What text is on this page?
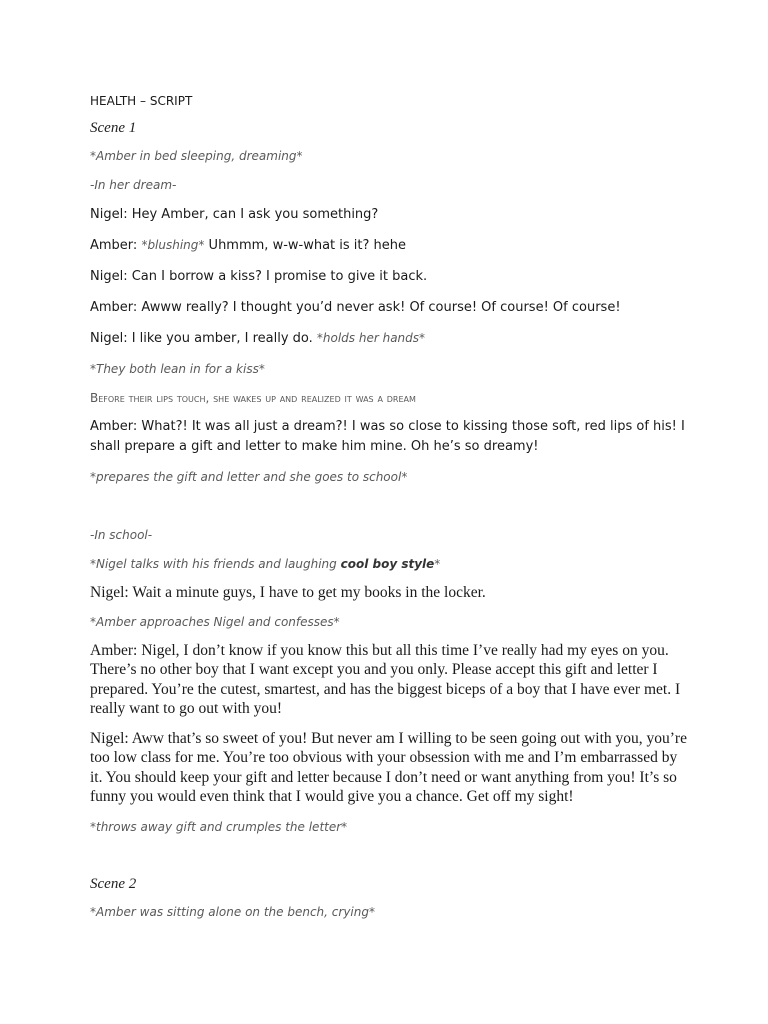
HEALTH – SCRIPT

Scene 1

*Amber in bed sleeping, dreaming*

-In her dream-

Nigel: Hey Amber, can I ask you something?

Amber: *blushing* Uhmmm, w-w-what is it? hehe

Nigel: Can I borrow a kiss? I promise to give it back.

Amber: Awww really? I thought you’d never ask! Of course! Of course! Of course!

Nigel: I like you amber, I really do. *holds her hands*

*They both lean in for a kiss*

Before their lips touch, she wakes up and realized it was a dream

Amber: What?! It was all just a dream?! I was so close to kissing those soft, red lips of his! I shall prepare a gift and letter to make him mine. Oh he’s so dreamy!

*prepares the gift and letter and she goes to school*

-In school-

*Nigel talks with his friends and laughing cool boy style*

Nigel: Wait a minute guys, I have to get my books in the locker.

*Amber approaches Nigel and confesses*

Amber: Nigel, I don’t know if you know this but all this time I’ve really had my eyes on you. There’s no other boy that I want except you and you only. Please accept this gift and letter I prepared. You’re the cutest, smartest, and has the biggest biceps of a boy that I have ever met. I really want to go out with you!

Nigel: Aww that’s so sweet of you! But never am I willing to be seen going out with you, you’re too low class for me. You’re too obvious with your obsession with me and I’m embarrassed by it. You should keep your gift and letter because I don’t need or want anything from you! It’s so funny you would even think that I would give you a chance. Get off my sight!

*throws away gift and crumples the letter*

Scene 2

*Amber was sitting alone on the bench, crying*
